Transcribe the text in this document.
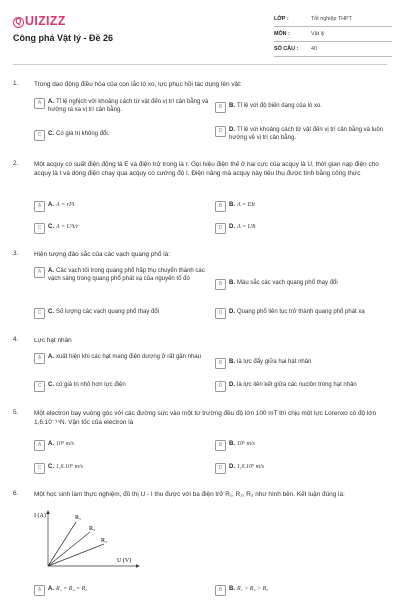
Q UIZIZZ
Công phá Vật lý - Đề 26
LỚP :	Tốt nghiệp THPT
MÔN :	Vật lý
SỐ CÂU :	40
1. Trong dao động điều hòa của con lắc lò xo, lực phục hồi tác dụng lên vật:
A	A. Tỉ lệ nghịch với khoảng cách từ vật đến vị trí cân bằng và hướng ra xa vị trí cân bằng.
B	B. Tỉ lệ với độ biến dạng của lò xo.
C	C. Có giá trị không đổi.	D	D. Tỉ lệ với khoảng cách từ vật đến vị trí cân bằng và luôn hướng về vị trí cân bằng.
2. Một acquy có suất điện động là E và điện trở trong là r. Gọi hiệu điện thế ở hai cực của acquy là U, thời gian nạp điện cho acquy là t và dòng điện chạy qua acquy có cường độ I. Điện năng mà acquy này tiêu thụ được tính bằng công thức
A	A. A = rI²t	B	B. A = EIt
C	C. A = U²t/r	D	D. A = UIt
3. Hiện tượng đảo sắc của các vạch quang phổ là:
A	A. Các vạch tối trong quang phổ hấp thụ chuyển thành các vạch sáng trong quang phổ phát xạ của nguyên tố đó
B	B. Màu sắc các vạch quang phổ thay đổi
C	C. Số lượng các vạch quang phổ thay đổi	D	D. Quang phổ liên tục trở thành quang phổ phát xạ
4. Lực hạt nhân
A	A. xuất hiện khi các hạt mang điện dương ở rất gần nhau
B	B. là lực đẩy giữa hai hạt nhân
C	C. có giá trị nhỏ hơn lực điện	D	D. là lực liên kết giữa các nuclôn trong hạt nhân
5. Một electron bay vuông góc với các đường sức vào một từ trường đều độ lớn 100 mT thì chịu một lực Lorenxo có độ lớn 1,6.10⁻¹⁴N. Vận tốc của electron là
A	A. 10⁹ m/s	B	B. 10⁶ m/s
C	C. 1,6.10⁶ m/s	D	D. 1,6.10⁹ m/s
6. Một học sinh làm thực nghiệm, đồ thị U - I thu được với ba điện trở R₁, R₂, R₃ như hình bên. Kết luận đúng là:
I (A)
U (V)
R₁
R₂
R₃
A	A. R₁ = R₂ = R₃	B	B. R₁ > R₂ > R₃
